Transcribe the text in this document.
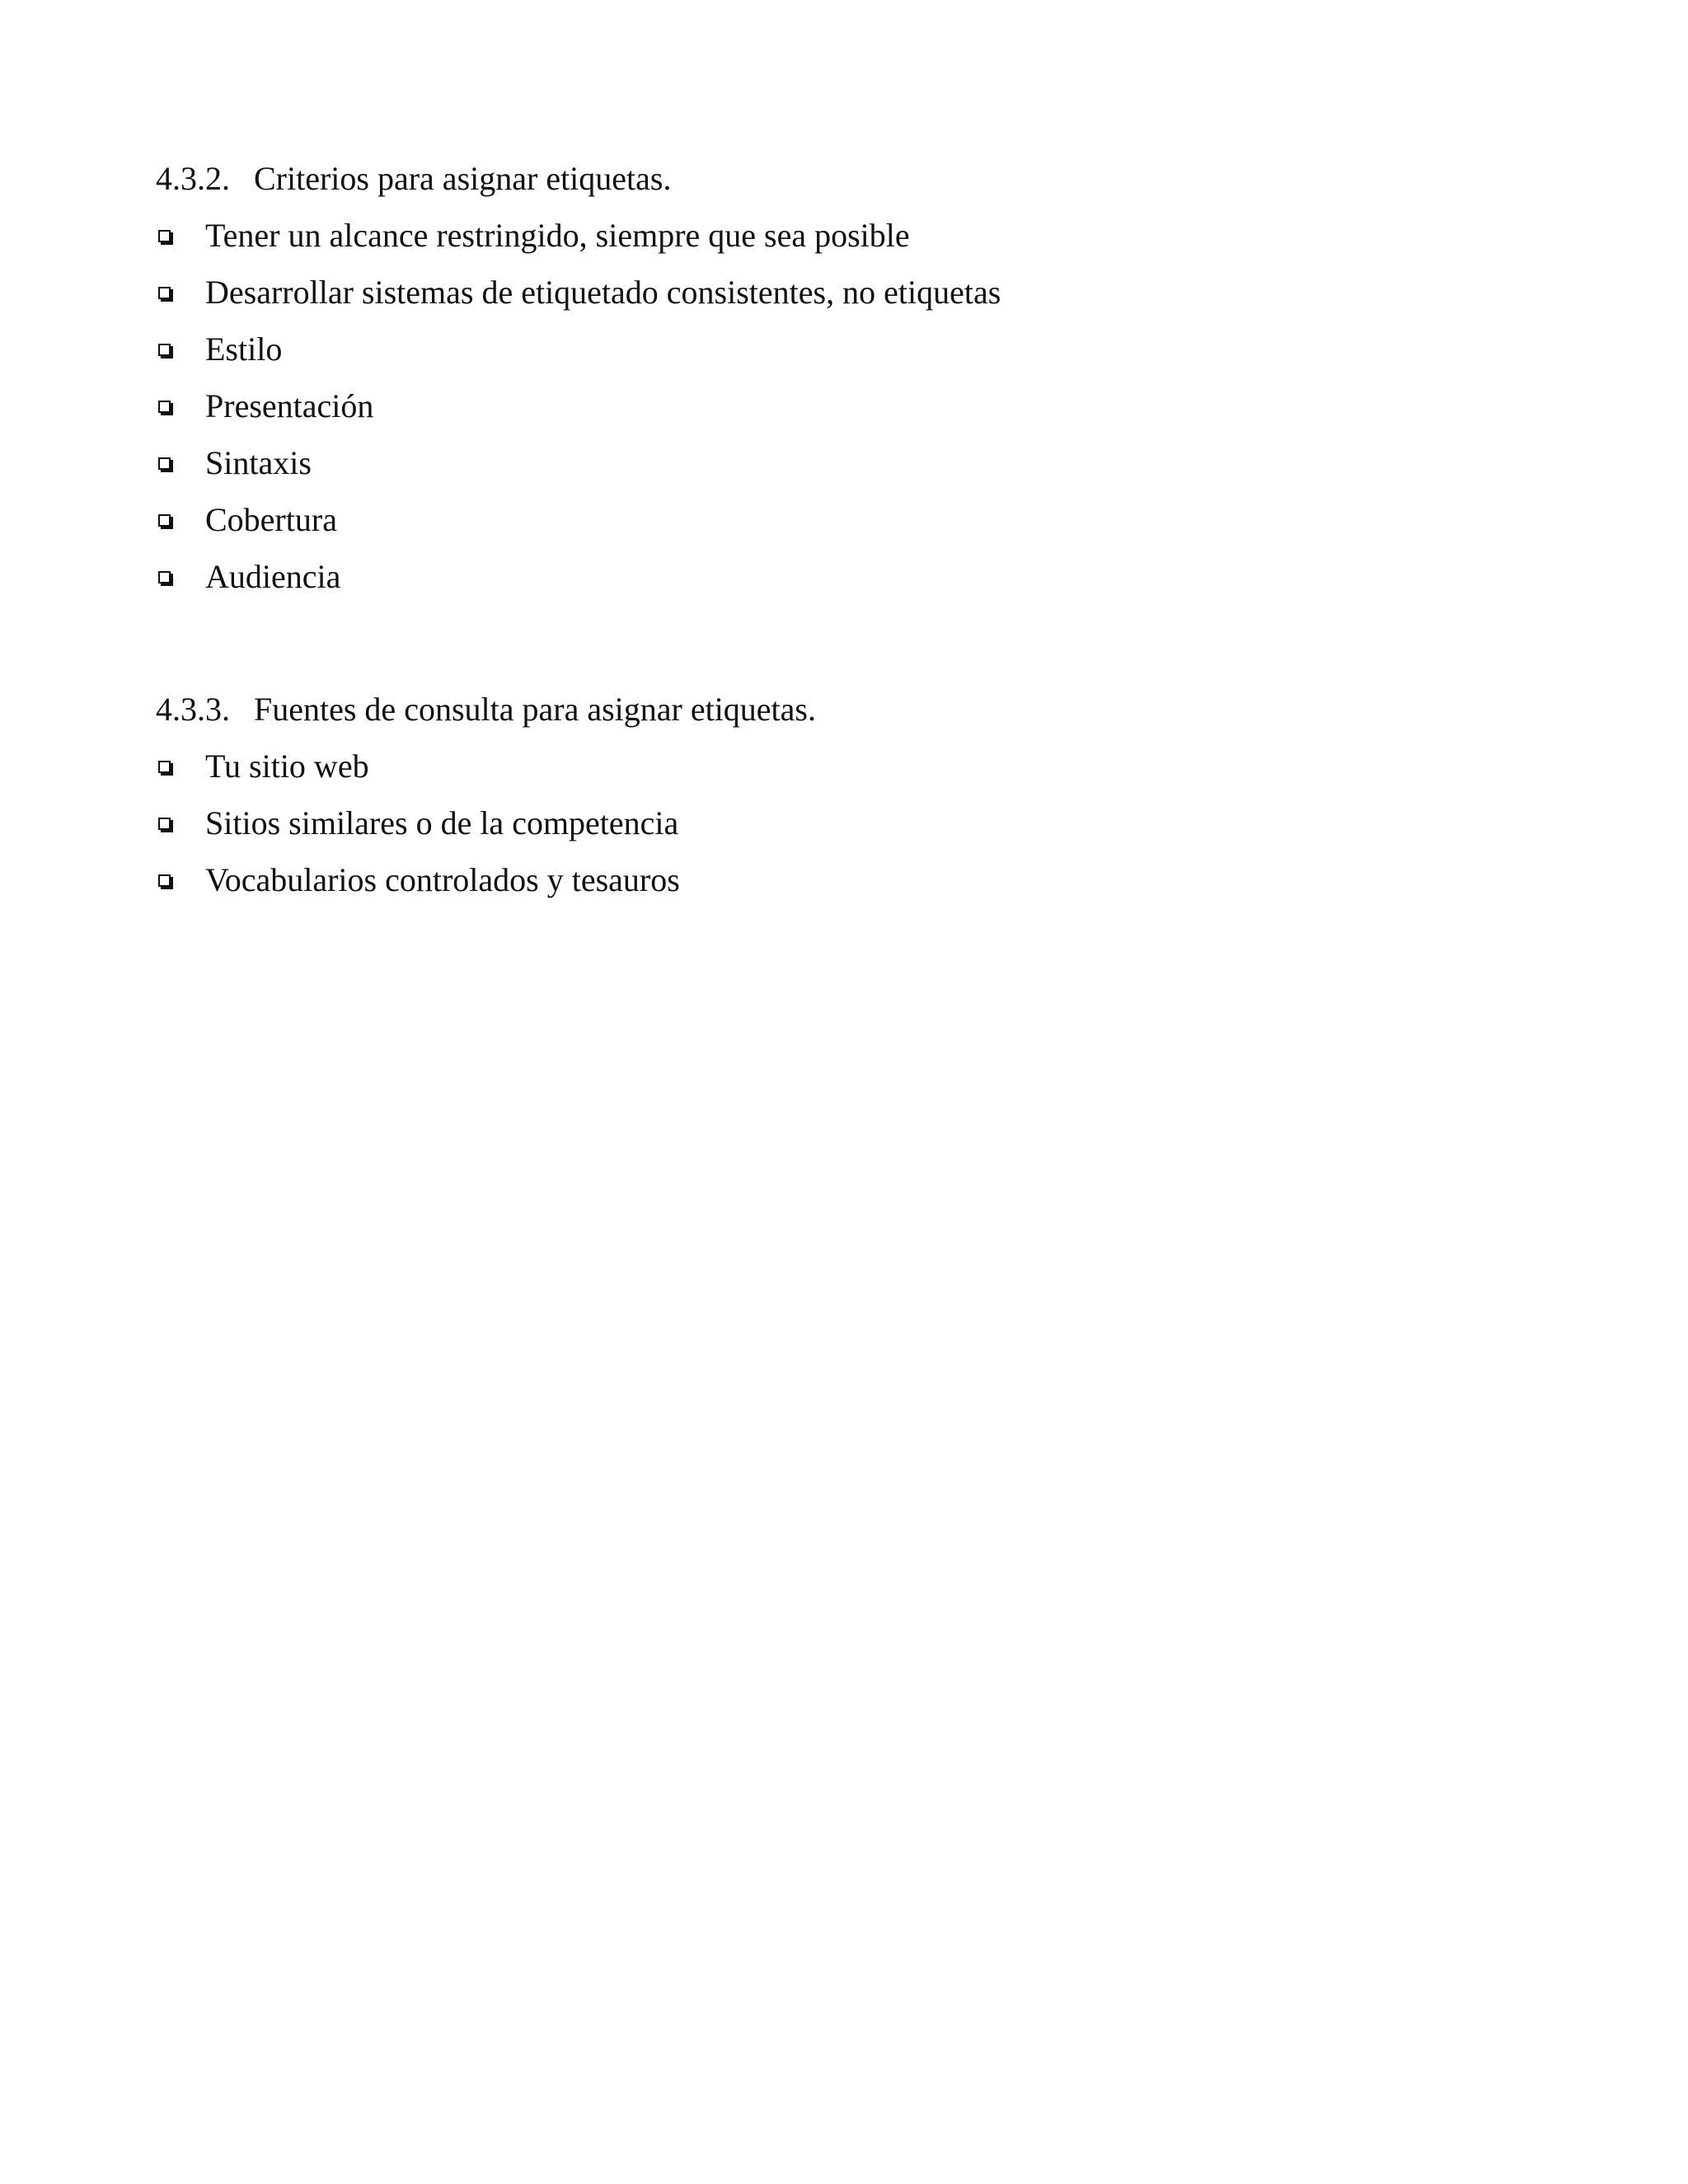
4.3.2. Criterios para asignar etiquetas.
Tener un alcance restringido, siempre que sea posible
Desarrollar sistemas de etiquetado consistentes, no etiquetas
Estilo
Presentación
Sintaxis
Cobertura
Audiencia
4.3.3. Fuentes de consulta para asignar etiquetas.
Tu sitio web
Sitios similares o de la competencia
Vocabularios controlados y tesauros
